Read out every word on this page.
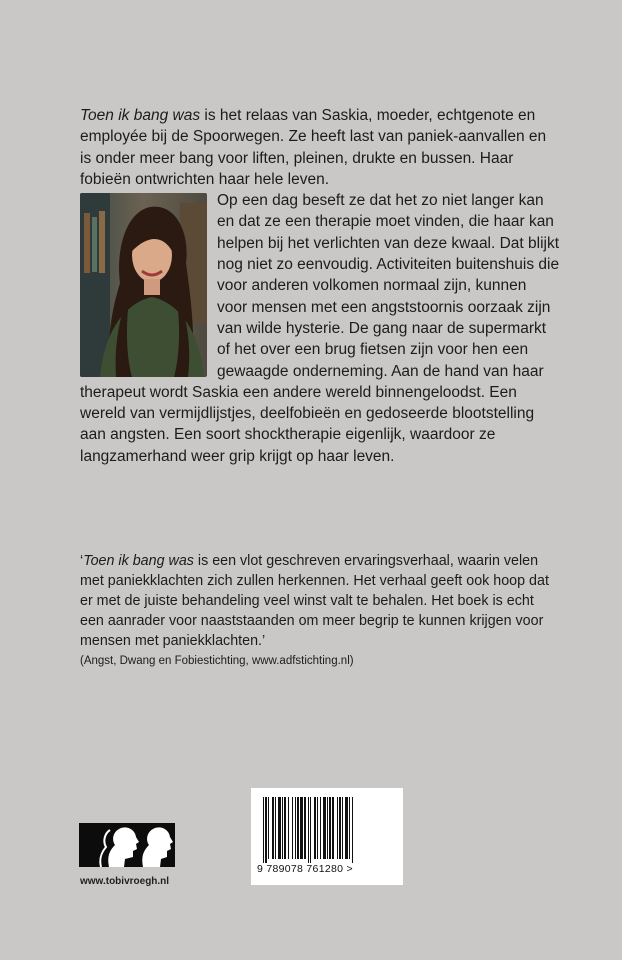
Toen ik bang was is het relaas van Saskia, moeder, echtgenote en employée bij de Spoorwegen. Ze heeft last van paniek-aanvallen en is onder meer bang voor liften, pleinen, drukte en bussen. Haar fobieën ontwrichten haar hele leven.

Op een dag beseft ze dat het zo niet langer kan en dat ze een therapie moet vinden, die haar kan helpen bij het verlichten van deze kwaal. Dat blijkt nog niet zo eenvoudig. Activiteiten buitenshuis die voor anderen volkomen normaal zijn, kunnen voor mensen met een angststoornis oorzaak zijn van wilde hysterie. De gang naar de supermarkt of het over een brug fietsen zijn voor hen een gewaagde onderneming. Aan de hand van haar therapeut wordt Saskia een andere wereld binnengeloodst. Een wereld van vermijdlijstjes, deelfobieën en gedoseerde blootstelling aan angsten. Een soort shocktherapie eigenlijk, waardoor ze langzamerhand weer grip krijgt op haar leven.

‘Toen ik bang was is een vlot geschreven ervaringsverhaal, waarin velen met paniekklachten zich zullen herkennen. Het verhaal geeft ook hoop dat er met de juiste behandeling veel winst valt te behalen. Het boek is echt een aanrader voor naaststaanden om meer begrip te kunnen krijgen voor mensen met paniekklachten.’
(Angst, Dwang en Fobiestichting, www.adfstichting.nl)
9 789078 761280 >
www.tobivroegh.nl
